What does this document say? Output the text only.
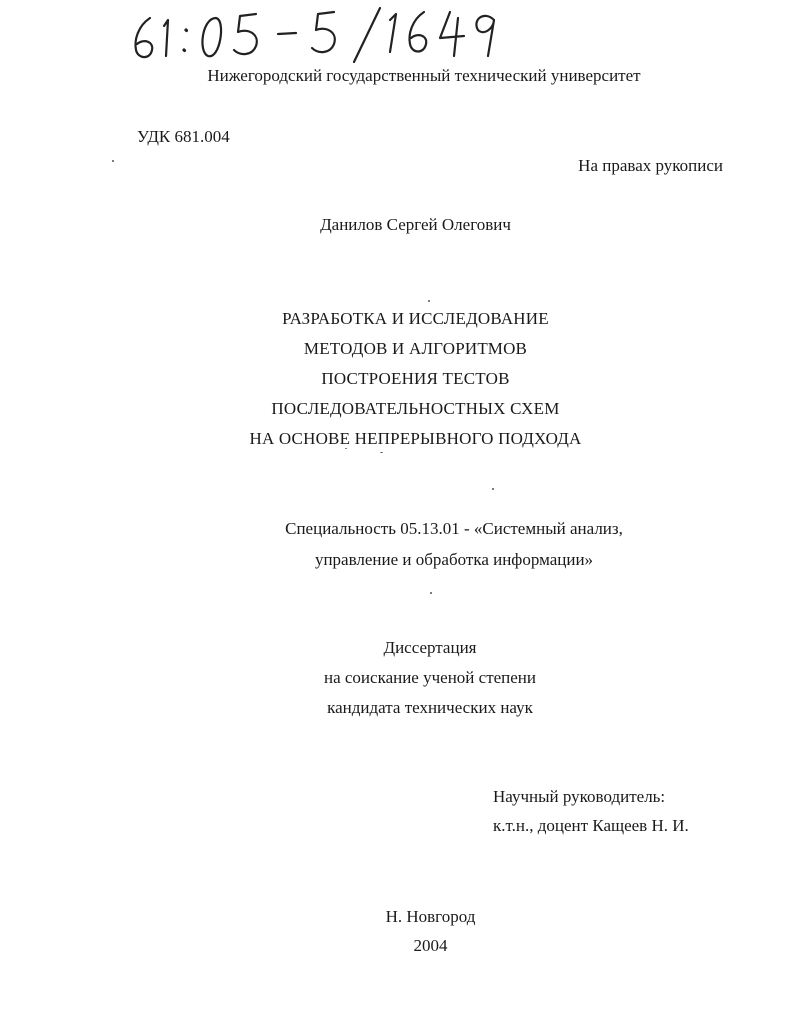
Нижегородский государственный технический университет
УДК 681.004
На правах рукописи
Данилов Сергей Олегович
РАЗРАБОТКА И ИССЛЕДОВАНИЕ
МЕТОДОВ И АЛГОРИТМОВ
ПОСТРОЕНИЯ ТЕСТОВ
ПОСЛЕДОВАТЕЛЬНОСТНЫХ СХЕМ
НА ОСНОВЕ НЕПРЕРЫВНОГО ПОДХОДА
Специальность 05.13.01 - «Системный анализ,
управление и обработка информации»
Диссертация
на соискание ученой степени
кандидата технических наук
Научный руководитель:
к.т.н., доцент Кащеев Н. И.
Н. Новгород
2004
